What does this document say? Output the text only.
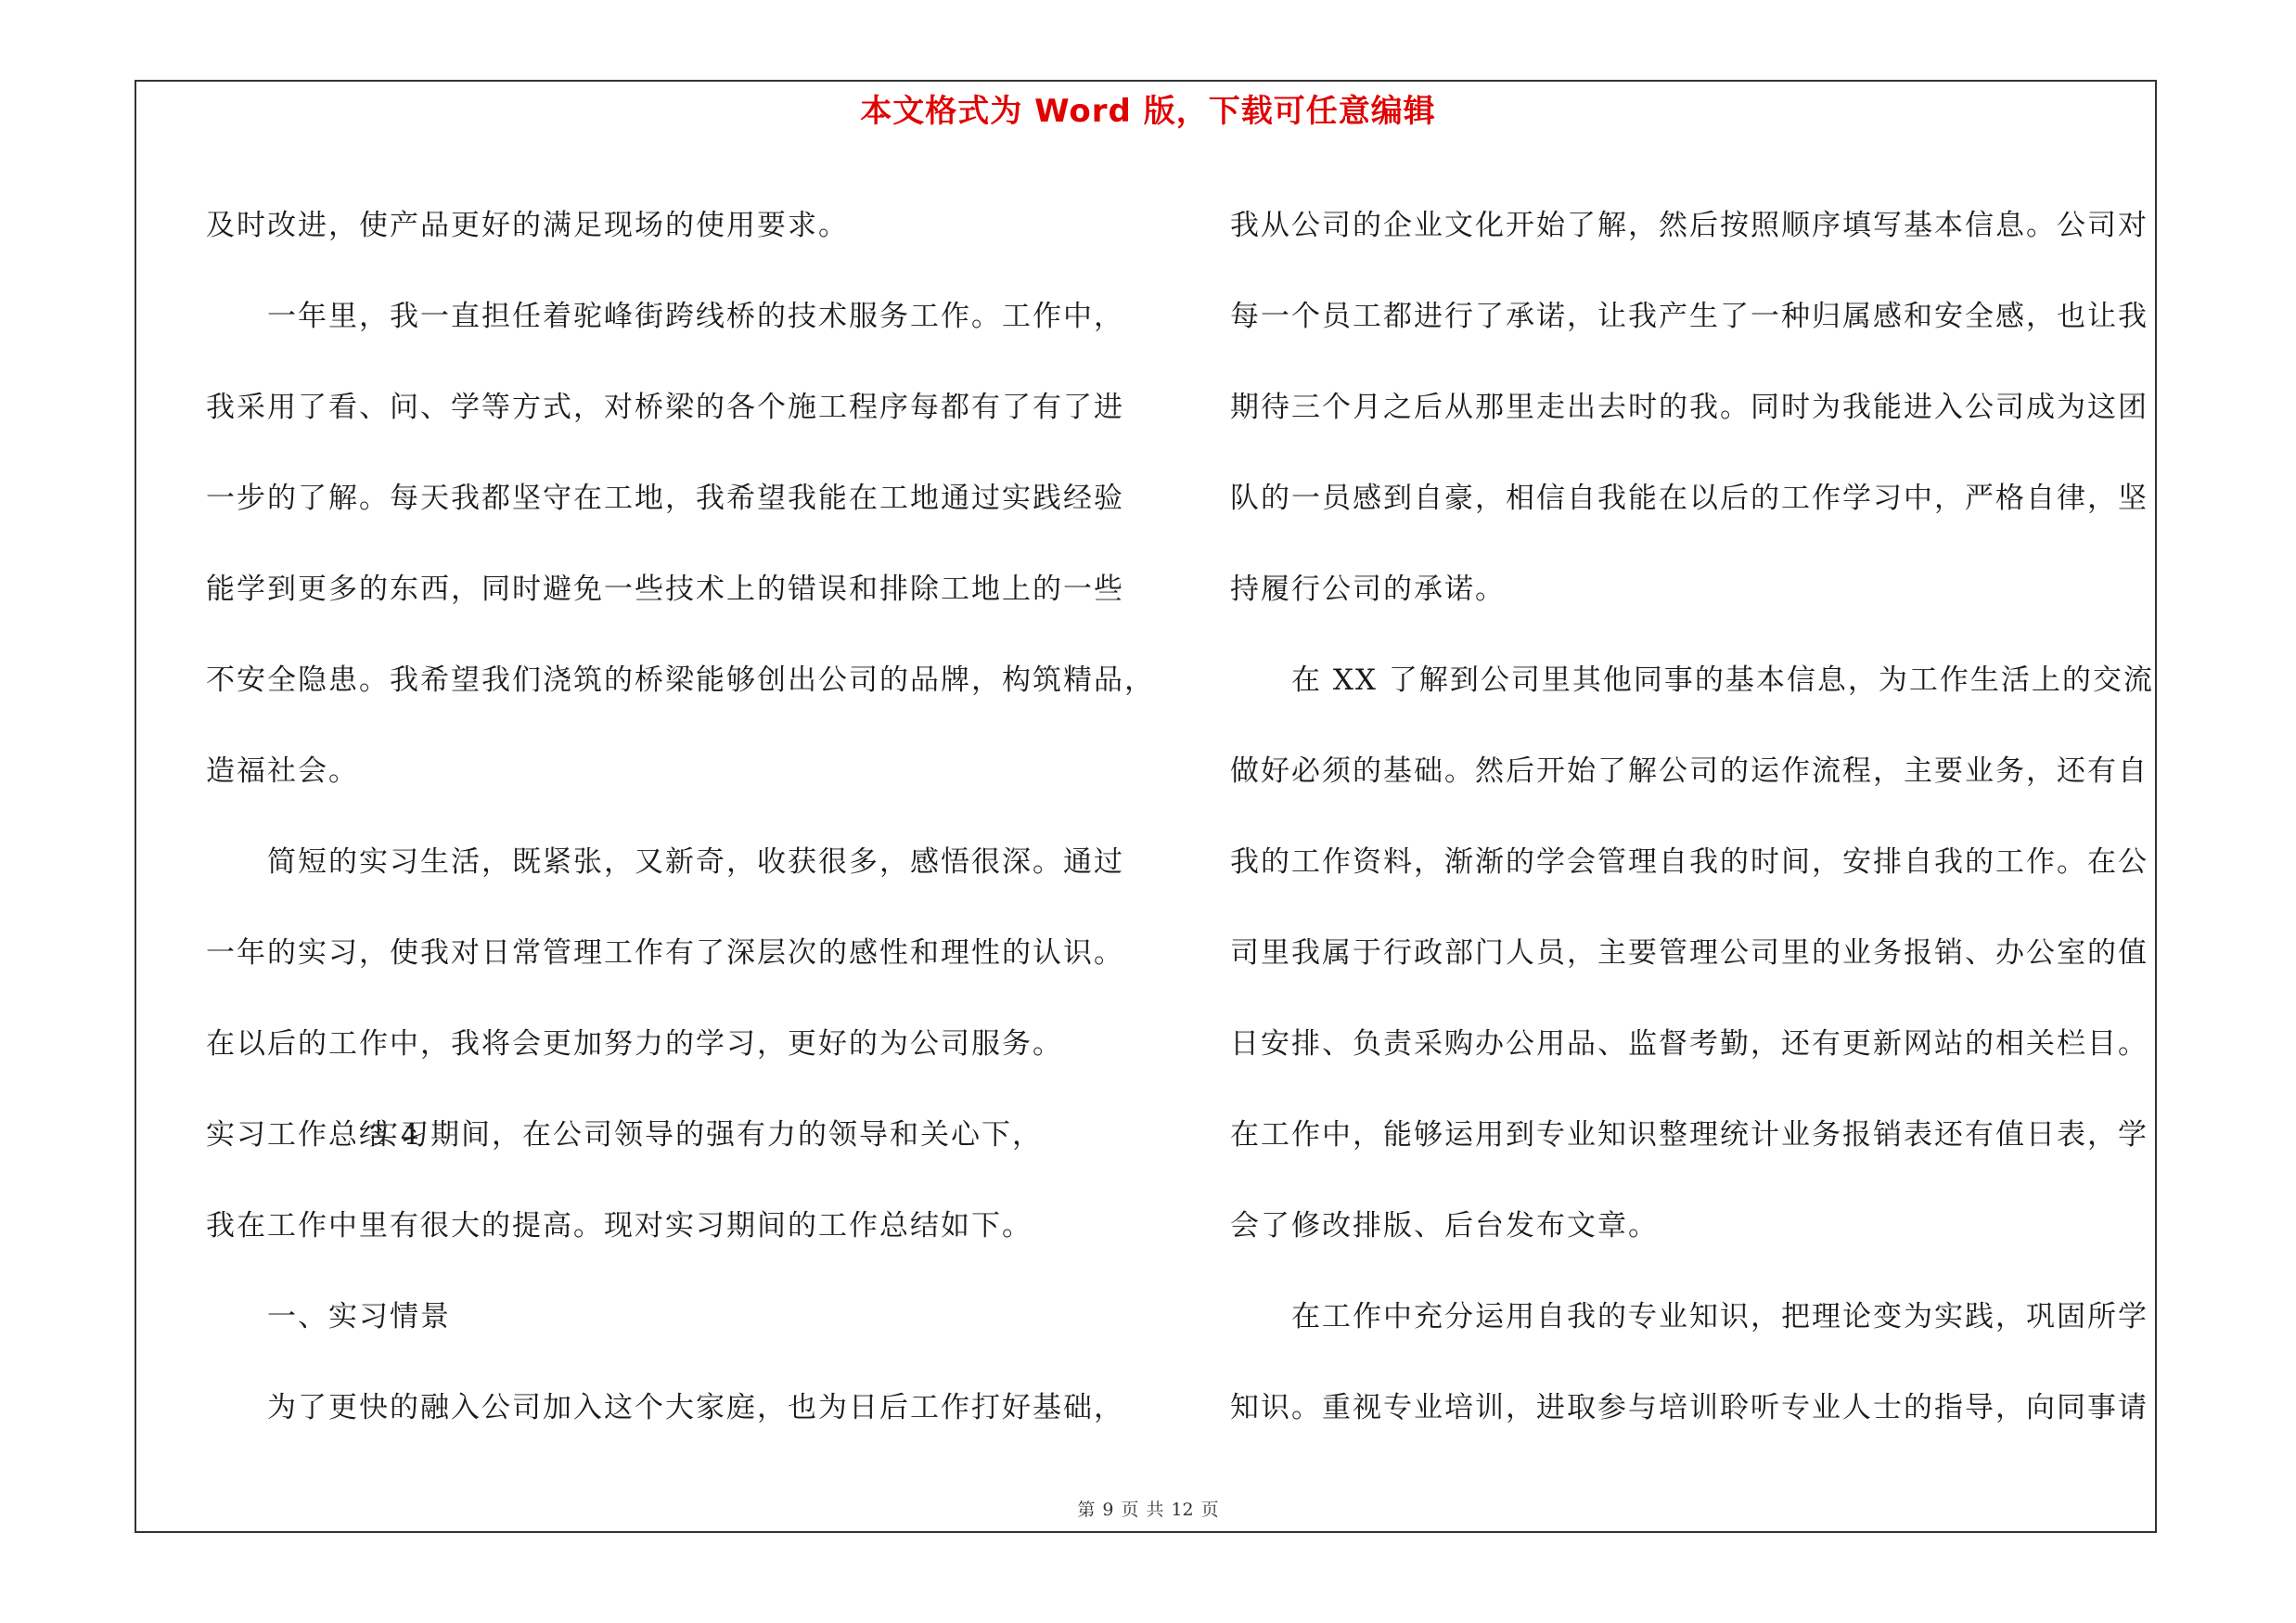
本文格式为 Word 版，下载可任意编辑
及时改进，使产品更好的满足现场的使用要求。
一年里，我一直担任着驼峰街跨线桥的技术服务工作。工作中，
我采用了看、问、学等方式，对桥梁的各个施工程序每都有了有了进
一步的了解。每天我都坚守在工地，我希望我能在工地通过实践经验
能学到更多的东西，同时避免一些技术上的错误和排除工地上的一些
不安全隐患。我希望我们浇筑的桥梁能够创出公司的品牌，构筑精品，
造福社会。
简短的实习生活，既紧张，又新奇，收获很多，感悟很深。通过
一年的实习，使我对日常管理工作有了深层次的感性和理性的认识。
在以后的工作中，我将会更加努力的学习，更好的为公司服务。
实习工作总结 4实习期间，在公司领导的强有力的领导和关心下，
我在工作中里有很大的提高。现对实习期间的工作总结如下。
一、实习情景
为了更快的融入公司加入这个大家庭，也为日后工作打好基础，
我从公司的企业文化开始了解，然后按照顺序填写基本信息。公司对
每一个员工都进行了承诺，让我产生了一种归属感和安全感，也让我
期待三个月之后从那里走出去时的我。同时为我能进入公司成为这团
队的一员感到自豪，相信自我能在以后的工作学习中，严格自律，坚
持履行公司的承诺。
在 XX 了解到公司里其他同事的基本信息，为工作生活上的交流
做好必须的基础。然后开始了解公司的运作流程，主要业务，还有自
我的工作资料，渐渐的学会管理自我的时间，安排自我的工作。在公
司里我属于行政部门人员，主要管理公司里的业务报销、办公室的值
日安排、负责采购办公用品、监督考勤，还有更新网站的相关栏目。
在工作中，能够运用到专业知识整理统计业务报销表还有值日表，学
会了修改排版、后台发布文章。
在工作中充分运用自我的专业知识，把理论变为实践，巩固所学
知识。重视专业培训，进取参与培训聆听专业人士的指导，向同事请
第 9 页 共 12 页
